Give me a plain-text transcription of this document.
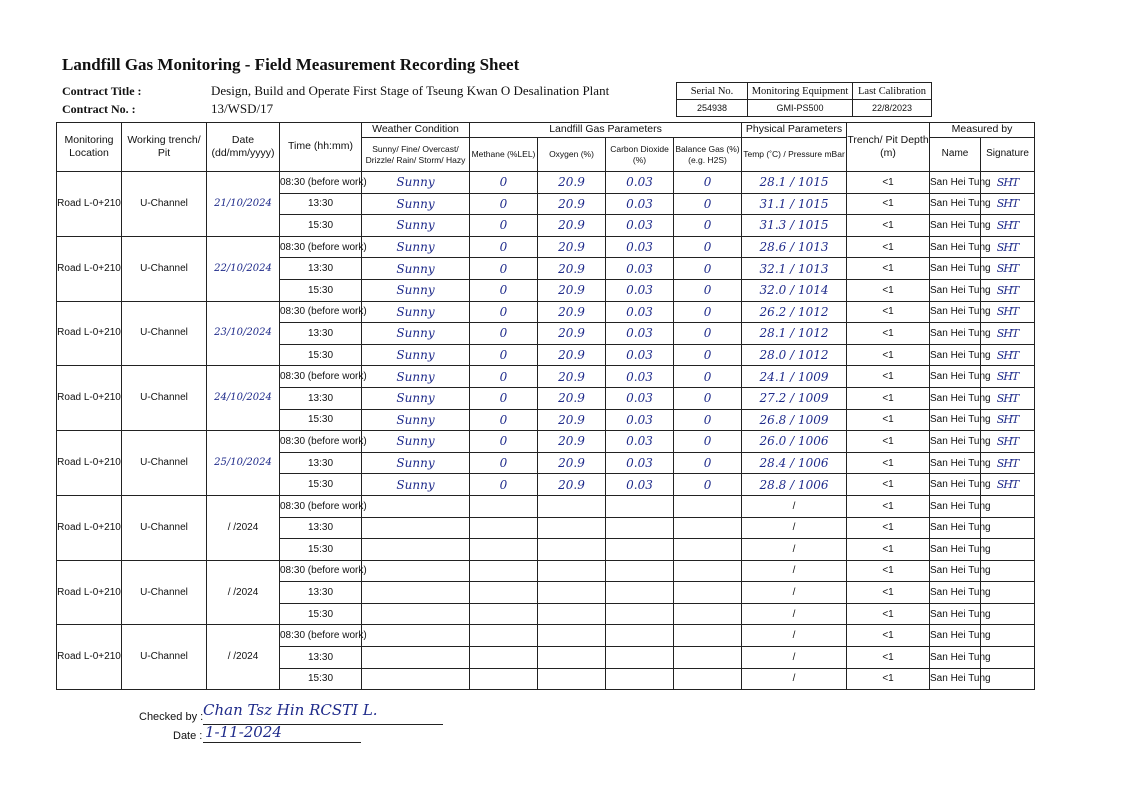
Landfill Gas Monitoring - Field Measurement Recording Sheet
Contract Title :	Design, Build and Operate First Stage of Tseung Kwan O Desalination Plant
Contract No. :	13/WSD/17
Serial No.	Monitoring Equipment	Last Calibration
254938	GMI-PS500	22/8/2023
Monitoring Location	Working trench/ Pit	Date (dd/mm/yyyy)	Time (hh:mm)	Weather Condition	Landfill Gas Parameters				Physical Parameters	Trench/ Pit Depth (m)	Measured by	
				Sunny/ Fine/ Overcast/ Drizzle/ Rain/ Storm/ Hazy	Methane (%LEL)	Oxygen (%)	Carbon Dioxide (%)	Balance Gas (%) (e.g. H2S)	Temp (˚C) / Pressure mBar		Name	Signature
Road L-0+210	U-Channel	21/10/2024	08:30 (before work)	Sunny	0	20.9	0.03	0	28.1 / 1015	<1	San Hei Tung	SHT
			13:30	Sunny	0	20.9	0.03	0	31.1 / 1015	<1	San Hei Tung	SHT
			15:30	Sunny	0	20.9	0.03	0	31.3 / 1015	<1	San Hei Tung	SHT
Road L-0+210	U-Channel	22/10/2024	08:30 (before work)	Sunny	0	20.9	0.03	0	28.6 / 1013	<1	San Hei Tung	SHT
			13:30	Sunny	0	20.9	0.03	0	32.1 / 1013	<1	San Hei Tung	SHT
			15:30	Sunny	0	20.9	0.03	0	32.0 / 1014	<1	San Hei Tung	SHT
Road L-0+210	U-Channel	23/10/2024	08:30 (before work)	Sunny	0	20.9	0.03	0	26.2 / 1012	<1	San Hei Tung	SHT
			13:30	Sunny	0	20.9	0.03	0	28.1 / 1012	<1	San Hei Tung	SHT
			15:30	Sunny	0	20.9	0.03	0	28.0 / 1012	<1	San Hei Tung	SHT
Road L-0+210	U-Channel	24/10/2024	08:30 (before work)	Sunny	0	20.9	0.03	0	24.1 / 1009	<1	San Hei Tung	SHT
			13:30	Sunny	0	20.9	0.03	0	27.2 / 1009	<1	San Hei Tung	SHT
			15:30	Sunny	0	20.9	0.03	0	26.8 / 1009	<1	San Hei Tung	SHT
Road L-0+210	U-Channel	25/10/2024	08:30 (before work)	Sunny	0	20.9	0.03	0	26.0 / 1006	<1	San Hei Tung	SHT
			13:30	Sunny	0	20.9	0.03	0	28.4 / 1006	<1	San Hei Tung	SHT
			15:30	Sunny	0	20.9	0.03	0	28.8 / 1006	<1	San Hei Tung	SHT
Road L-0+210	U-Channel	/ /2024	08:30 (before work)						/	<1	San Hei Tung	
			13:30						/	<1	San Hei Tung	
			15:30						/	<1	San Hei Tung	
Road L-0+210	U-Channel	/ /2024	08:30 (before work)						/	<1	San Hei Tung	
			13:30						/	<1	San Hei Tung	
			15:30						/	<1	San Hei Tung	
Road L-0+210	U-Channel	/ /2024	08:30 (before work)						/	<1	San Hei Tung	
			13:30						/	<1	San Hei Tung	
			15:30						/	<1	San Hei Tung	
Checked by : Chan Tsz Hin RCSTI L.
Date : 1-11-2024
